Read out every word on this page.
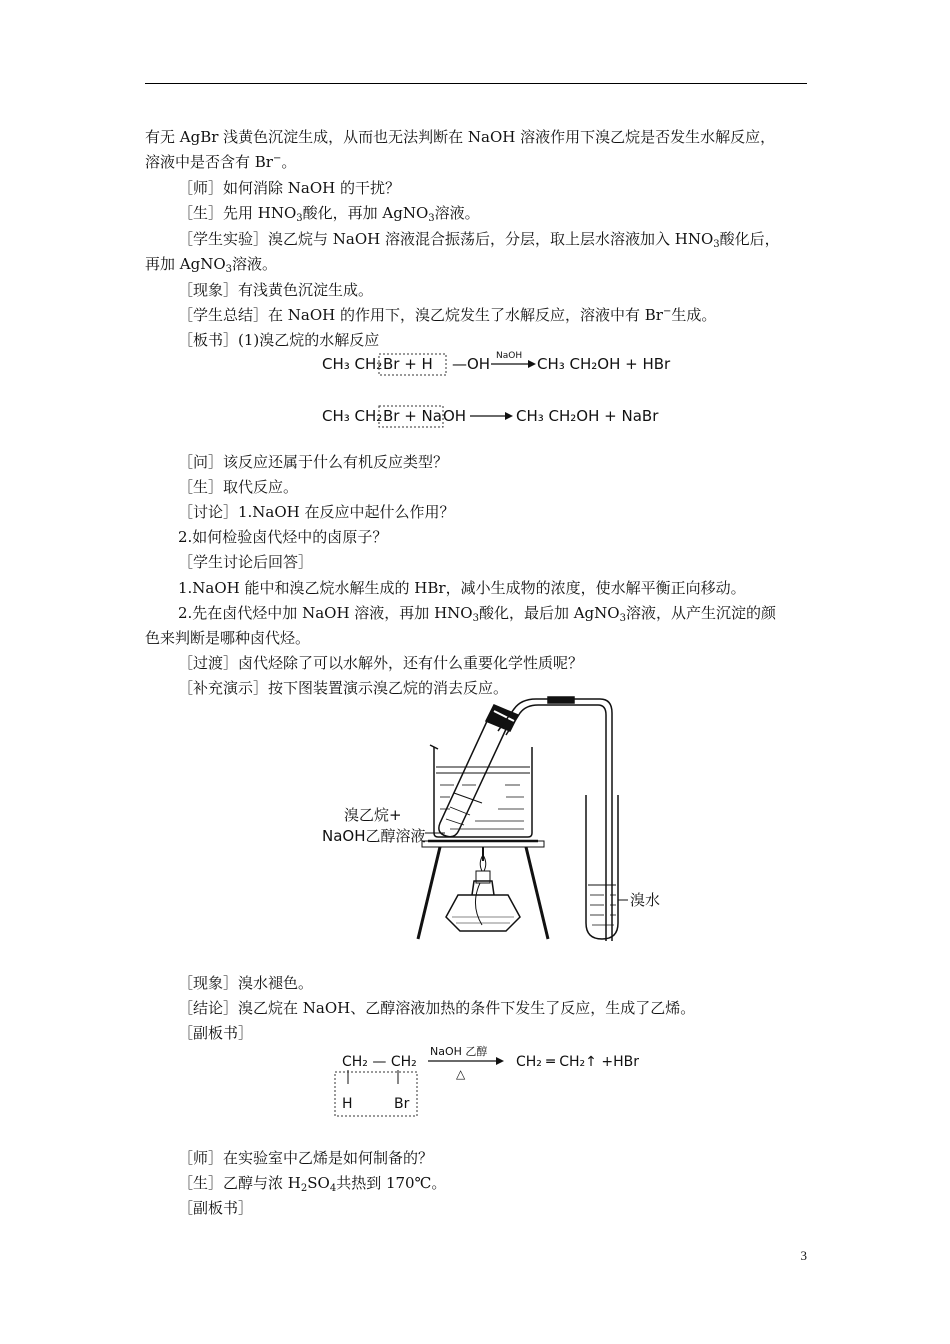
有无 AgBr 浅黄色沉淀生成，从而也无法判断在 NaOH 溶液作用下溴乙烷是否发生水解反应，
溶液中是否含有 Br−。
［师］如何消除 NaOH 的干扰？
［生］先用 $HNO_3$酸化，再加 AgNO$_3$溶液。
［学生实验］溴乙烷与 NaOH 溶液混合振荡后，分层，取上层水溶液加入 $HNO_3$酸化后，
再加 AgNO$_3$溶液。
［现象］有浅黄色沉淀生成。
［学生总结］在 NaOH 的作用下，溴乙烷发生了水解反应，溶液中有 Br−生成。
［板书］(1)溴乙烷的水解反应
CH₃ CH₂ Br + H —OH NaOH CH₃ CH₂OH + HBr
CH₃ CH₂ Br + Na OH	CH₃ CH₂OH + NaBr
［问］该反应还属于什么有机反应类型？
［生］取代反应。
［讨论］1.NaOH 在反应中起什么作用？
2.如何检验卤代烃中的卤原子？
［学生讨论后回答］
1.NaOH 能中和溴乙烷水解生成的 HBr，减小生成物的浓度，使水解平衡正向移动。
2.先在卤代烃中加 NaOH 溶液，再加 $HNO_3$酸化，最后加 AgNO$_3$溶液，从产生沉淀的颜
色来判断是哪种卤代烃。
［过渡］卤代烃除了可以水解外，还有什么重要化学性质呢？
［补充演示］按下图装置演示溴乙烷的消去反应。
溴乙烷+
NaOH乙醇溶液
溴水
［现象］溴水褪色。
［结论］溴乙烷在 NaOH、乙醇溶液加热的条件下发生了反应，生成了乙烯。
［副板书］
CH₂ — CH₂
H	Br
NaOH 乙醇
△
CH₂ ═ CH₂↑ +HBr
［师］在实验室中乙烯是如何制备的？
［生］乙醇与浓 $H_2SO_4$共热到 170℃。
［副板书］
3
